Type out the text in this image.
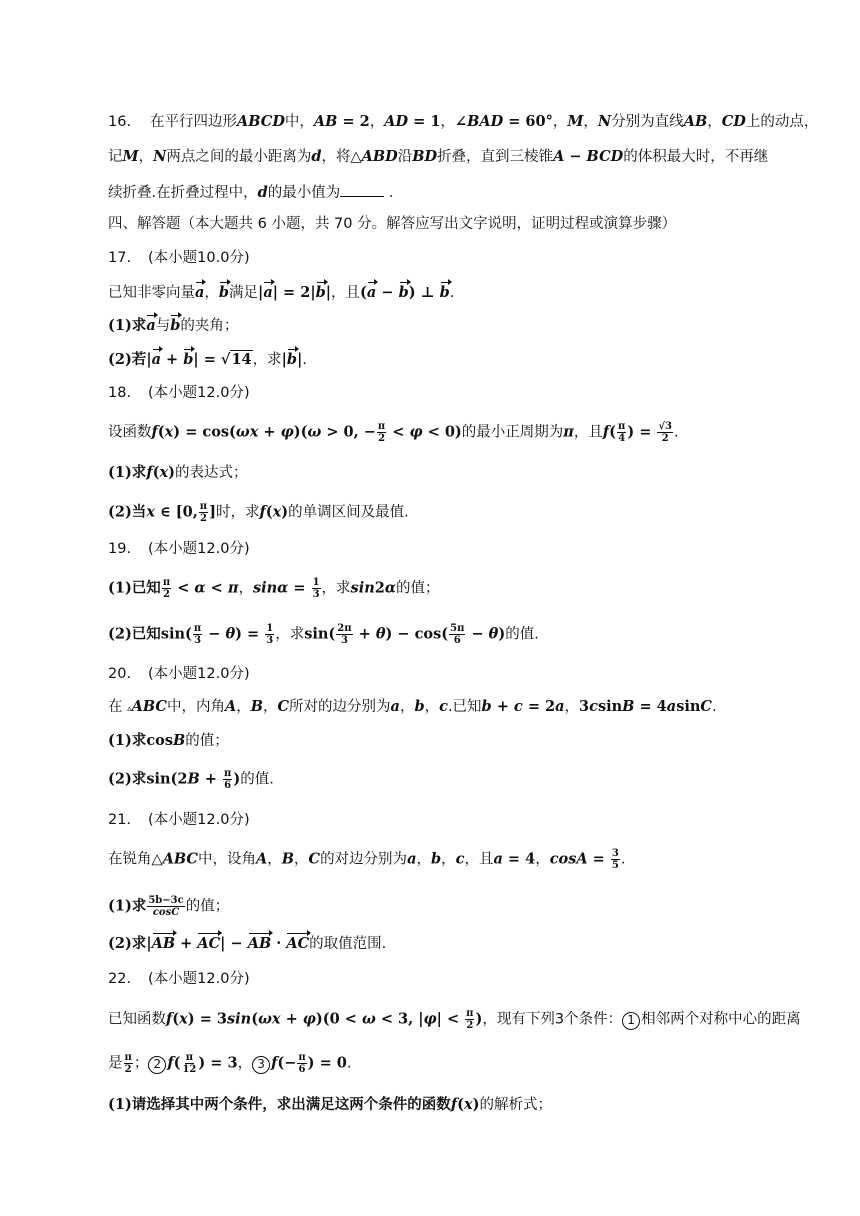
16. 在平行四边形ABCD中，AB = 2，AD = 1，∠BAD = 60°，M，N分别为直线AB，CD上的动点，
记M，N两点之间的最小距离为d，将△ABD沿BD折叠，直到三棱锥A − BCD的体积最大时，不再继
续折叠.在折叠过程中，d的最小值为	．
四、解答题（本大题共 6 小题，共 70 分。解答应写出文字说明，证明过程或演算步骤）
17. (本小题10.0分)
已知非零向量a，b满足|a| = 2|b|，且(a − b) ⊥ b.
(1)求a与b的夹角；
(2)若|a + b| = √14，求|b|.
18. (本小题12.0分)
设函数f(x) = cos(ωx + φ)(ω > 0, − $\frac{\pi}{2} < \varphi < 0$)的最小正周期为π，且$f( \frac{\pi}{4}$ ) = $\frac{√3}{2}$ .
(1)求f(x)的表达式；
(2)当x ∈ [0, $\frac{\pi}{2}$ ]时，求f(x)的单调区间及最值.
19. (本小题12.0分)
(1)已知 $\frac{\pi}{2} < \alpha < \pi$，$\sin\alpha = \frac{1}{3}$ ，求sin2α的值；
(2)已知$\sin( \frac{\pi}{3} - \theta) = \frac{1}{3}$ ，求$\sin( \frac{2\pi}{3} + \theta) - \cos( \frac{5\pi}{6} - \theta)$的值.
20. (本小题12.0分)
在 ▵ABC中，内角A，B，C所对的边分别为a，b，c.已知b + c = 2a，3csinB = 4asinC.
(1)求cosB的值；
(2)求$\sin(2B + \frac{\pi}{6}$ )的值.
21. (本小题12.0分)
在锐角△ABC中，设角A，B，C的对边分别为a，b，c，且a = 4，$\cos A = \frac{3}{5}$ .
(1)求 $\frac{5b-3c}{\cos C}$ 的值；
(2)求|AB + AC| − AB · AC的取值范围.
22. (本小题12.0分)
已知函数f(x) = 3sin(ωx + φ)(0 < ω < 3, $|\varphi| < \frac{\pi}{2}$ )，现有下列3个条件： 1 相邻两个对称中心的距离
是 $\frac{\pi}{2}$ ； 2 $f( \frac{\pi}{12}$ ) = 3， 3 $f(- \frac{\pi}{6}$ ) = 0.
(1)请选择其中两个条件，求出满足这两个条件的函数f(x)的解析式；
